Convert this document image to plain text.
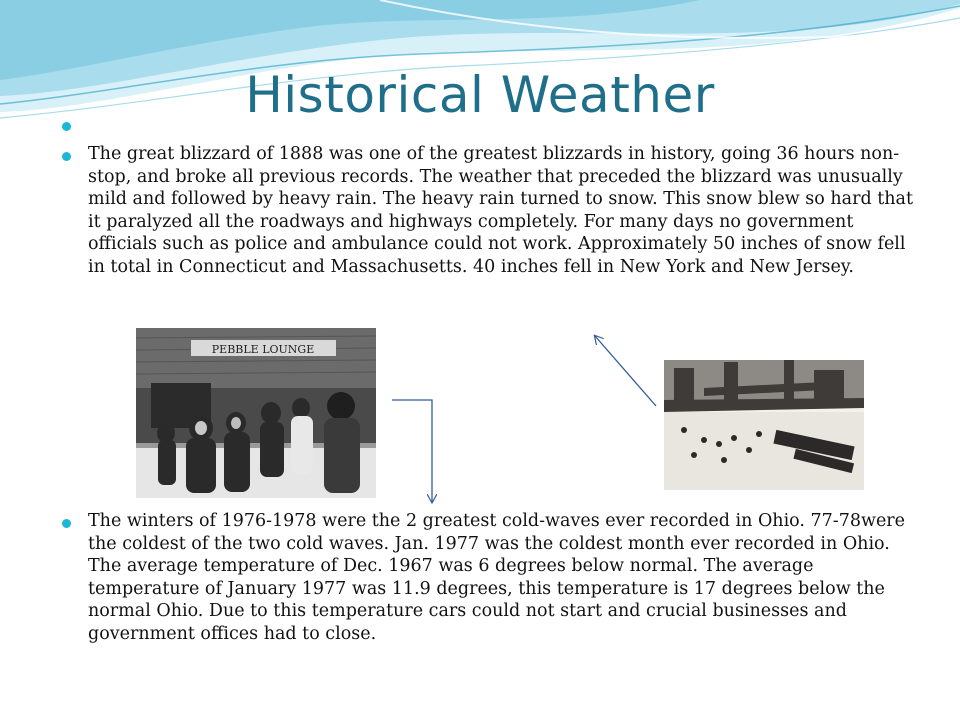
Historical Weather

The great blizzard of 1888 was one of the greatest blizzards in history, going 36 hours non-stop, and broke all previous records. The weather that preceded the blizzard was unusually mild and followed by heavy rain. The heavy rain turned to snow. This snow blew so hard that it paralyzed all the roadways and highways completely. For many days no government officials such as police and ambulance could not work. Approximately 50 inches of snow fell in total in Connecticut and Massachusetts. 40 inches fell in New York and New Jersey.

PEBBLE LOUNGE

The winters of 1976-1978 were the 2 greatest cold-waves ever recorded in Ohio. 77-78were the coldest of the two cold waves. Jan. 1977 was the coldest month ever recorded in Ohio. The average temperature of Dec. 1967 was 6 degrees below normal. The average temperature of January 1977 was 11.9 degrees, this temperature is 17 degrees below the normal Ohio. Due to this temperature cars could not start and crucial businesses and government offices had to close.
